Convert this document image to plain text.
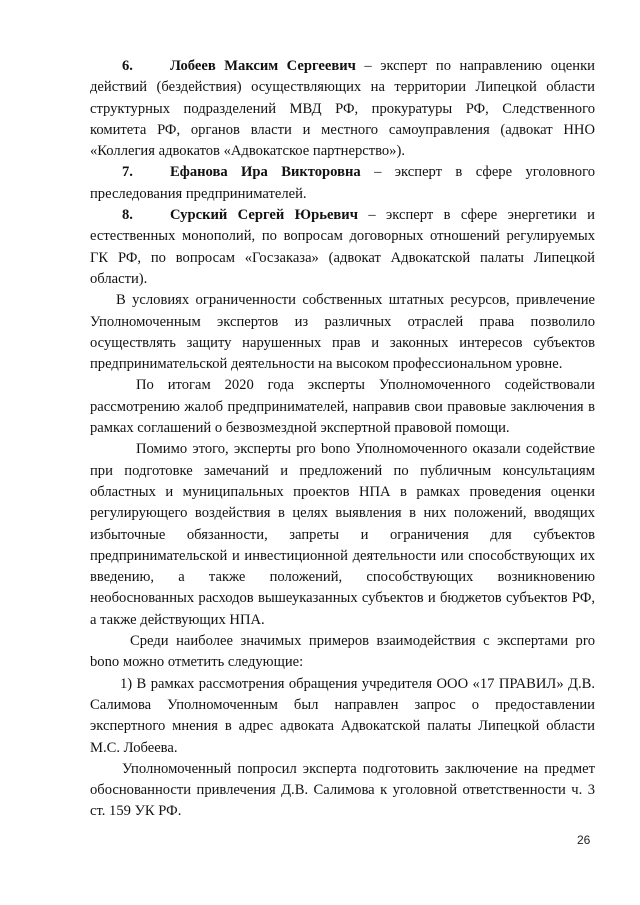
6.	Лобеев Максим Сергеевич – эксперт по направлению оценки действий (бездействия) осуществляющих на территории Липецкой области структурных подразделений МВД РФ, прокуратуры РФ, Следственного комитета РФ, органов власти и местного самоуправления (адвокат ННО «Коллегия адвокатов «Адвокатское партнерство»).

7.	Ефанова Ира Викторовна – эксперт в сфере уголовного преследования предпринимателей.

8.	Сурский Сергей Юрьевич – эксперт в сфере энергетики и естественных монополий, по вопросам договорных отношений регулируемых ГК РФ, по вопросам «Госзаказа» (адвокат Адвокатской палаты Липецкой области).

В условиях ограниченности собственных штатных ресурсов, привлечение Уполномоченным экспертов из различных отраслей права позволило осуществлять защиту нарушенных прав и законных интересов субъектов предпринимательской деятельности на высоком профессиональном уровне.

По итогам 2020 года эксперты Уполномоченного содействовали рассмотрению жалоб предпринимателей, направив свои правовые заключения в рамках соглашений о безвозмездной экспертной правовой помощи.

Помимо этого, эксперты pro bono Уполномоченного оказали содействие при подготовке замечаний и предложений по публичным консультациям областных и муниципальных проектов НПА в рамках проведения оценки регулирующего воздействия в целях выявления в них положений, вводящих избыточные обязанности, запреты и ограничения для субъектов предпринимательской и инвестиционной деятельности или способствующих их введению, а также положений, способствующих возникновению необоснованных расходов вышеуказанных субъектов и бюджетов субъектов РФ, а также действующих НПА.

Среди наиболее значимых примеров взаимодействия с экспертами pro bono можно отметить следующие:

1) В рамках рассмотрения обращения учредителя ООО «17 ПРАВИЛ» Д.В. Салимова Уполномоченным был направлен запрос о предоставлении экспертного мнения в адрес адвоката Адвокатской палаты Липецкой области М.С. Лобеева.

Уполномоченный попросил эксперта подготовить заключение на предмет обоснованности привлечения Д.В. Салимова к уголовной ответственности ч. 3 ст. 159 УК РФ.

26
